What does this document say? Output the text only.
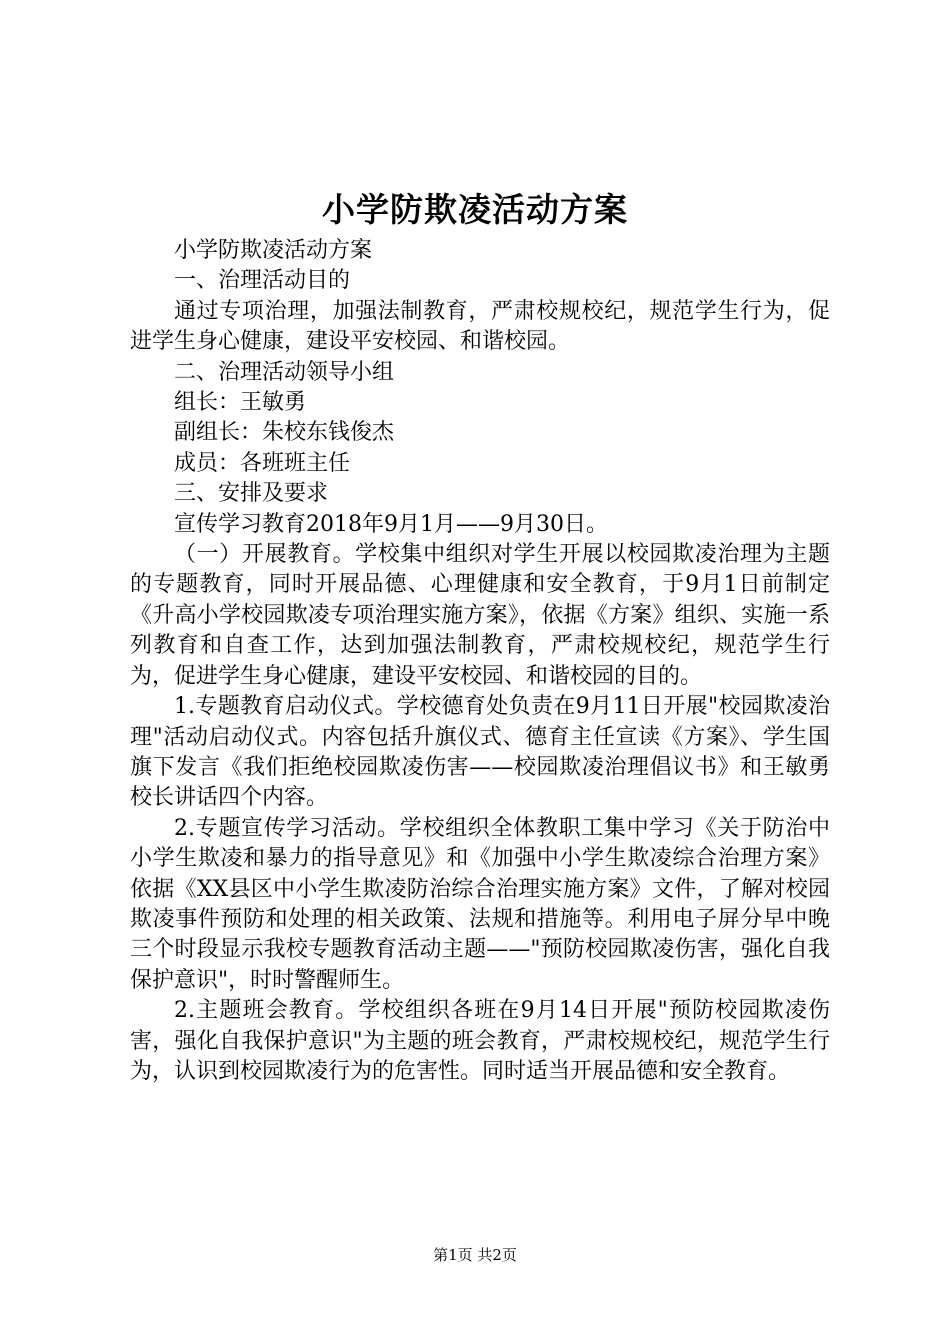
小学防欺凌活动方案

小学防欺凌活动方案

一、治理活动目的

通过专项治理，加强法制教育，严肃校规校纪，规范学生行为，促进学生身心健康，建设平安校园、和谐校园。

二、治理活动领导小组

组长：王敏勇

副组长：朱校东钱俊杰

成员：各班班主任

三、安排及要求

宣传学习教育2018年9月1月——9月30日。

（一）开展教育。学校集中组织对学生开展以校园欺凌治理为主题的专题教育，同时开展品德、心理健康和安全教育，于9月1日前制定《升高小学校园欺凌专项治理实施方案》，依据《方案》组织、实施一系列教育和自查工作，达到加强法制教育，严肃校规校纪，规范学生行为，促进学生身心健康，建设平安校园、和谐校园的目的。

1.专题教育启动仪式。学校德育处负责在9月11日开展"校园欺凌治理"活动启动仪式。内容包括升旗仪式、德育主任宣读《方案》、学生国旗下发言《我们拒绝校园欺凌伤害——校园欺凌治理倡议书》和王敏勇校长讲话四个内容。

2.专题宣传学习活动。学校组织全体教职工集中学习《关于防治中小学生欺凌和暴力的指导意见》和《加强中小学生欺凌综合治理方案》依据《XX县区中小学生欺凌防治综合治理实施方案》文件，了解对校园欺凌事件预防和处理的相关政策、法规和措施等。利用电子屏分早中晚三个时段显示我校专题教育活动主题——"预防校园欺凌伤害，强化自我保护意识"，时时警醒师生。

2.主题班会教育。学校组织各班在9月14日开展"预防校园欺凌伤害，强化自我保护意识"为主题的班会教育，严肃校规校纪，规范学生行为，认识到校园欺凌行为的危害性。同时适当开展品德和安全教育。

第1页 共2页
